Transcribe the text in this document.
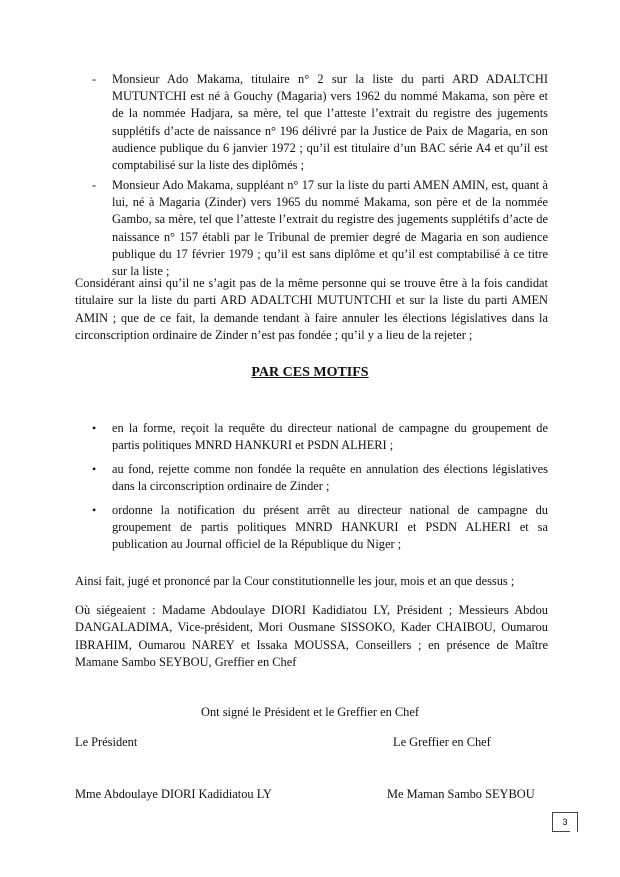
- Monsieur Ado Makama, titulaire n° 2 sur la liste du parti ARD ADALTCHI MUTUNTCHI est né à Gouchy (Magaria) vers 1962 du nommé Makama, son père et de la nommée Hadjara, sa mère, tel que l’atteste l’extrait du registre des jugements supplétifs d’acte de naissance n° 196 délivré par la Justice de Paix de Magaria, en son audience publique du 6 janvier 1972 ; qu’il est titulaire d’un BAC série A4 et qu’il est comptabilisé sur la liste des diplômés ;
- Monsieur Ado Makama, suppléant n° 17 sur la liste du parti AMEN AMIN, est, quant à lui, né à Magaria (Zinder) vers 1965 du nommé Makama, son père et de la nommée Gambo, sa mère, tel que l’atteste l’extrait du registre des jugements supplétifs d’acte de naissance n° 157 établi par le Tribunal de premier degré de Magaria en son audience publique du 17 février 1979 ; qu’il est sans diplôme et qu’il est comptabilisé à ce titre sur la liste ;
Considérant ainsi qu’il ne s’agit pas de la même personne qui se trouve être à la fois candidat titulaire sur la liste du parti ARD ADALTCHI MUTUNTCHI et sur la liste du parti AMEN AMIN ; que de ce fait, la demande tendant à faire annuler les élections législatives dans la circonscription ordinaire de Zinder n’est pas fondée ; qu’il y a lieu de la rejeter ;
PAR CES MOTIFS
• en la forme, reçoit la requête du directeur national de campagne du groupement de partis politiques MNRD HANKURI et PSDN ALHERI ;
• au fond, rejette comme non fondée la requête en annulation des élections législatives dans la circonscription ordinaire de Zinder ;
• ordonne la notification du présent arrêt au directeur national de campagne du groupement de partis politiques MNRD HANKURI et PSDN ALHERI et sa publication au Journal officiel de la République du Niger ;
Ainsi fait, jugé et prononcé par la Cour constitutionnelle les jour, mois et an que dessus ;
Où siégeaient : Madame Abdoulaye DIORI Kadidiatou LY, Président ; Messieurs Abdou DANGALADIMA, Vice-président, Mori Ousmane SISSOKO, Kader CHAIBOU, Oumarou IBRAHIM, Oumarou NAREY et Issaka MOUSSA, Conseillers ; en présence de Maître Mamane Sambo SEYBOU, Greffier en Chef
Ont signé le Président et le Greffier en Chef
Le Président	Le Greffier en Chef
Mme Abdoulaye DIORI Kadidiatou LY	Me Maman Sambo SEYBOU
3
